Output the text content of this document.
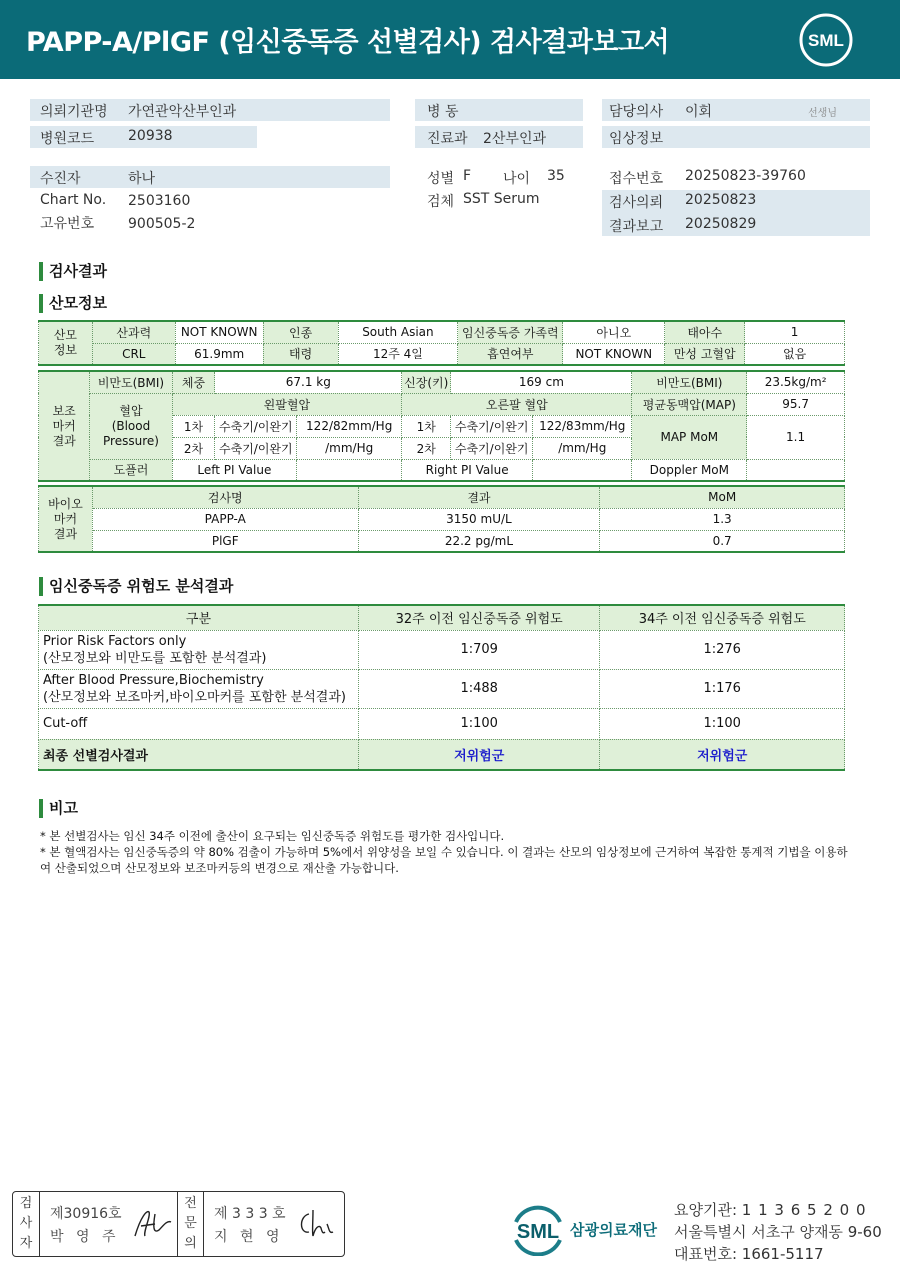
PAPP-A/PlGF (임신중독증 선별검사) 검사결과보고서	SML
의뢰기관명 가연관악산부인과
병원코드 20938
병 동
진료과 2산부인과
담당의사 이회	선생님
임상정보
수진자	하나
Chart No. 2503160
고유번호 900505-2
성별 F 나이 35
검체 SST Serum
접수번호 20250823-39760
검사의뢰 20250823
결과보고 20250829
검사결과
산모정보
산모
정보	산과력	NOT KNOWN	인종	South Asian	임신중독증 가족력	아니오	태아수	1
	CRL	61.9mm	태령	12주 4일	흡연여부	NOT KNOWN	만성 고혈압	없음
보조
마커
결과	비만도(BMI)	체중	67.1 kg		신장(키)	169 cm		비만도(BMI)	23.5kg/m²
	혈압
(Blood
Pressure)	왼팔혈압			오른팔 혈압			평균동맥압(MAP)	95.7
		1차	수축기/이완기	122/82mm/Hg	1차	수축기/이완기	122/83mm/Hg	MAP MoM	1.1
		2차	수축기/이완기	/mm/Hg	2차	수축기/이완기	/mm/Hg		
	도플러	Left PI Value			Right PI Value			Doppler MoM	
바이오
마커
결과	검사명	결과	MoM
	PAPP-A	3150 mU/L	1.3
	PlGF	22.2 pg/mL	0.7
임신중독증 위험도 분석결과
구분	32주 이전 임신중독증 위험도	34주 이전 임신중독증 위험도

Prior Risk Factors only
(산모정보와 비만도를 포함한 분석결과)	1:709	1:276

After Blood Pressure,Biochemistry
(산모정보와 보조마커,바이오마커를 포함한 분석결과)	1:488	1:176
Cut-off	1:100	1:100
최종 선별검사결과	저위험군	저위험군
비고
* 본 선별검사는 임신 34주 이전에 출산이 요구되는 임신중독증 위험도를 평가한 검사입니다.
* 본 혈액검사는 임신중독증의 약 80% 검출이 가능하며 5%에서 위양성을 보일 수 있습니다. 이 결과는 산모의 임상정보에 근거하여 복잡한 통계적 기법을 이용하여 산출되었으며 산모정보와 보조마커등의 변경으로 재산출 가능합니다.
검
사
자
제30916호
박 영 주
전
문
의
제 3 3 3 호
지 현 영	SML 삼광의료재단
요양기관: 1 1 3 6 5 2 0 0
서울특별시 서초구 양재동 9-60
대표번호: 1661-5117
